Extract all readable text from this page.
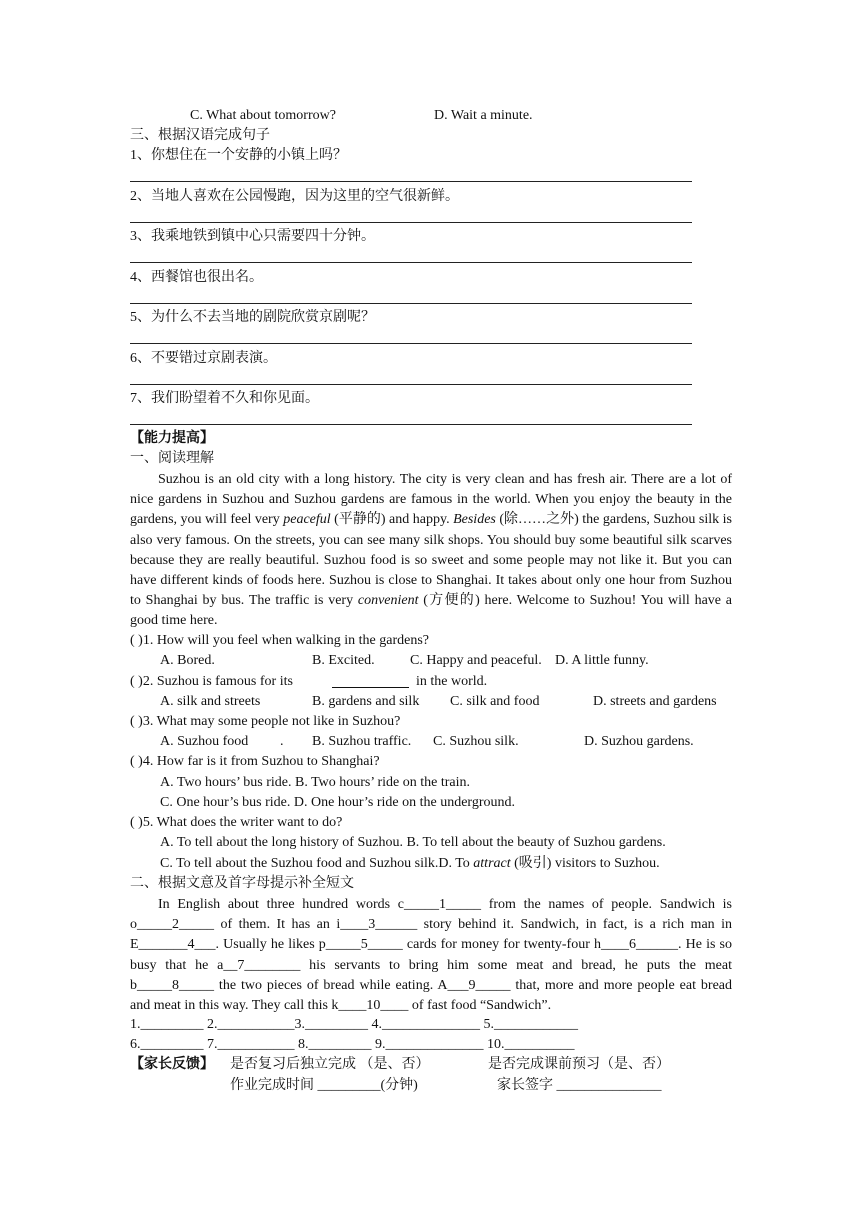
C. What about tomorrow?	D. Wait a minute.
三、根据汉语完成句子
1、你想住在一个安静的小镇上吗？
2、当地人喜欢在公园慢跑，因为这里的空气很新鲜。
3、我乘地铁到镇中心只需要四十分钟。
4、西餐馆也很出名。
5、为什么不去当地的剧院欣赏京剧呢？
6、不要错过京剧表演。
7、我们盼望着不久和你见面。
【能力提高】
一、阅读理解
Suzhou is an old city with a long history. The city is very clean and has fresh air. There are a lot of nice gardens in Suzhou and Suzhou gardens are famous in the world. When you enjoy the beauty in the gardens, you will feel very peaceful (平静的) and happy. Besides (除……之外) the gardens, Suzhou silk is also very famous. On the streets, you can see many silk shops. You should buy some beautiful silk scarves because they are really beautiful. Suzhou food is so sweet and some people may not like it. But you can have different kinds of foods here. Suzhou is close to Shanghai. It takes about only one hour from Suzhou to Shanghai by bus. The traffic is very convenient (方便的) here. Welcome to Suzhou! You will have a good time here.
( )1. How will you feel when walking in the gardens?
A. Bored.	B. Excited.	C. Happy and peaceful. D. A little funny.
( )2. Suzhou is famous for its	in the world.
A. silk and streets	B. gardens and silk C. silk and food	D. streets and gardens
( )3. What may some people not like in Suzhou?
A. Suzhou food . B. Suzhou traffic. C. Suzhou silk.	D. Suzhou gardens.
( )4. How far is it from Suzhou to Shanghai?
A. Two hours’ bus ride. B. Two hours’ ride on the train.
C. One hour’s bus ride. D. One hour’s ride on the underground.
( )5. What does the writer want to do?
A. To tell about the long history of Suzhou. B. To tell about the beauty of Suzhou gardens.
C. To tell about the Suzhou food and Suzhou silk.D. To attract (吸引) visitors to Suzhou.
二、根据文意及首字母提示补全短文
In English about three hundred words c_____1_____ from the names of people. Sandwich is o_____2_____ of them. It has an i____3______ story behind it. Sandwich, in fact, is a rich man in E_______4___. Usually he likes p_____5_____ cards for money for twenty-four h____6______. He is so busy that he a__7________ his servants to bring him some meat and bread, he puts the meat b_____8_____ the two pieces of bread while eating. A___9_____ that, more and more people eat bread and meat in this way. They call this k____10____ of fast food “Sandwich”.
1._________ 2.___________3._________ 4.______________ 5.____________
6._________ 7.___________ 8._________ 9.______________ 10.__________
【家长反馈】 是否复习后独立完成 （是、否）	是否完成课前预习（是、否）
作业完成时间 _________(分钟)	家长签字 _______________
